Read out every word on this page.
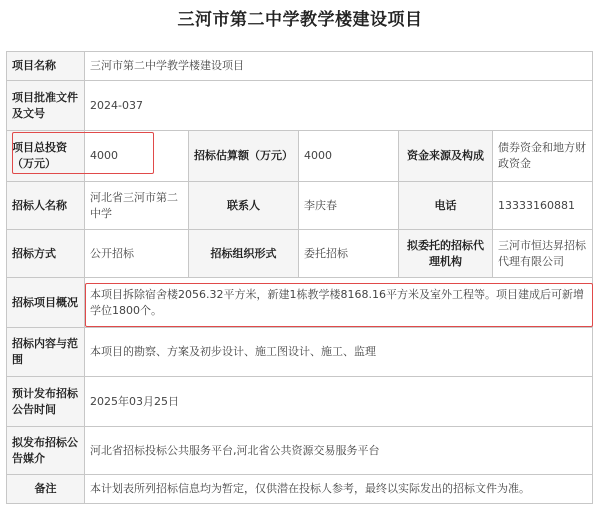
三河市第二中学教学楼建设项目
项目名称	三河市第二中学教学楼建设项目				
项目批准文件及文号	2024-037				
项目总投资（万元）	4000	招标估算额（万元）	4000	资金来源及构成	债券资金和地方财政资金
招标人名称	河北省三河市第二中学	联系人	李庆春	电话	13333160881
招标方式	公开招标	招标组织形式	委托招标	拟委托的招标代理机构	三河市恒达昇招标代理有限公司
招标项目概况	本项目拆除宿舍楼2056.32平方米，新建1栋教学楼8168.16平方米及室外工程等。项目建成后可新增学位1800个。				
招标内容与范围	本项目的勘察、方案及初步设计、施工图设计、施工、监理				
预计发布招标公告时间	2025年03月25日				
拟发布招标公告媒介	河北省招标投标公共服务平台,河北省公共资源交易服务平台				
备注	本计划表所列招标信息均为暂定，仅供潜在投标人参考，最终以实际发出的招标文件为准。				
